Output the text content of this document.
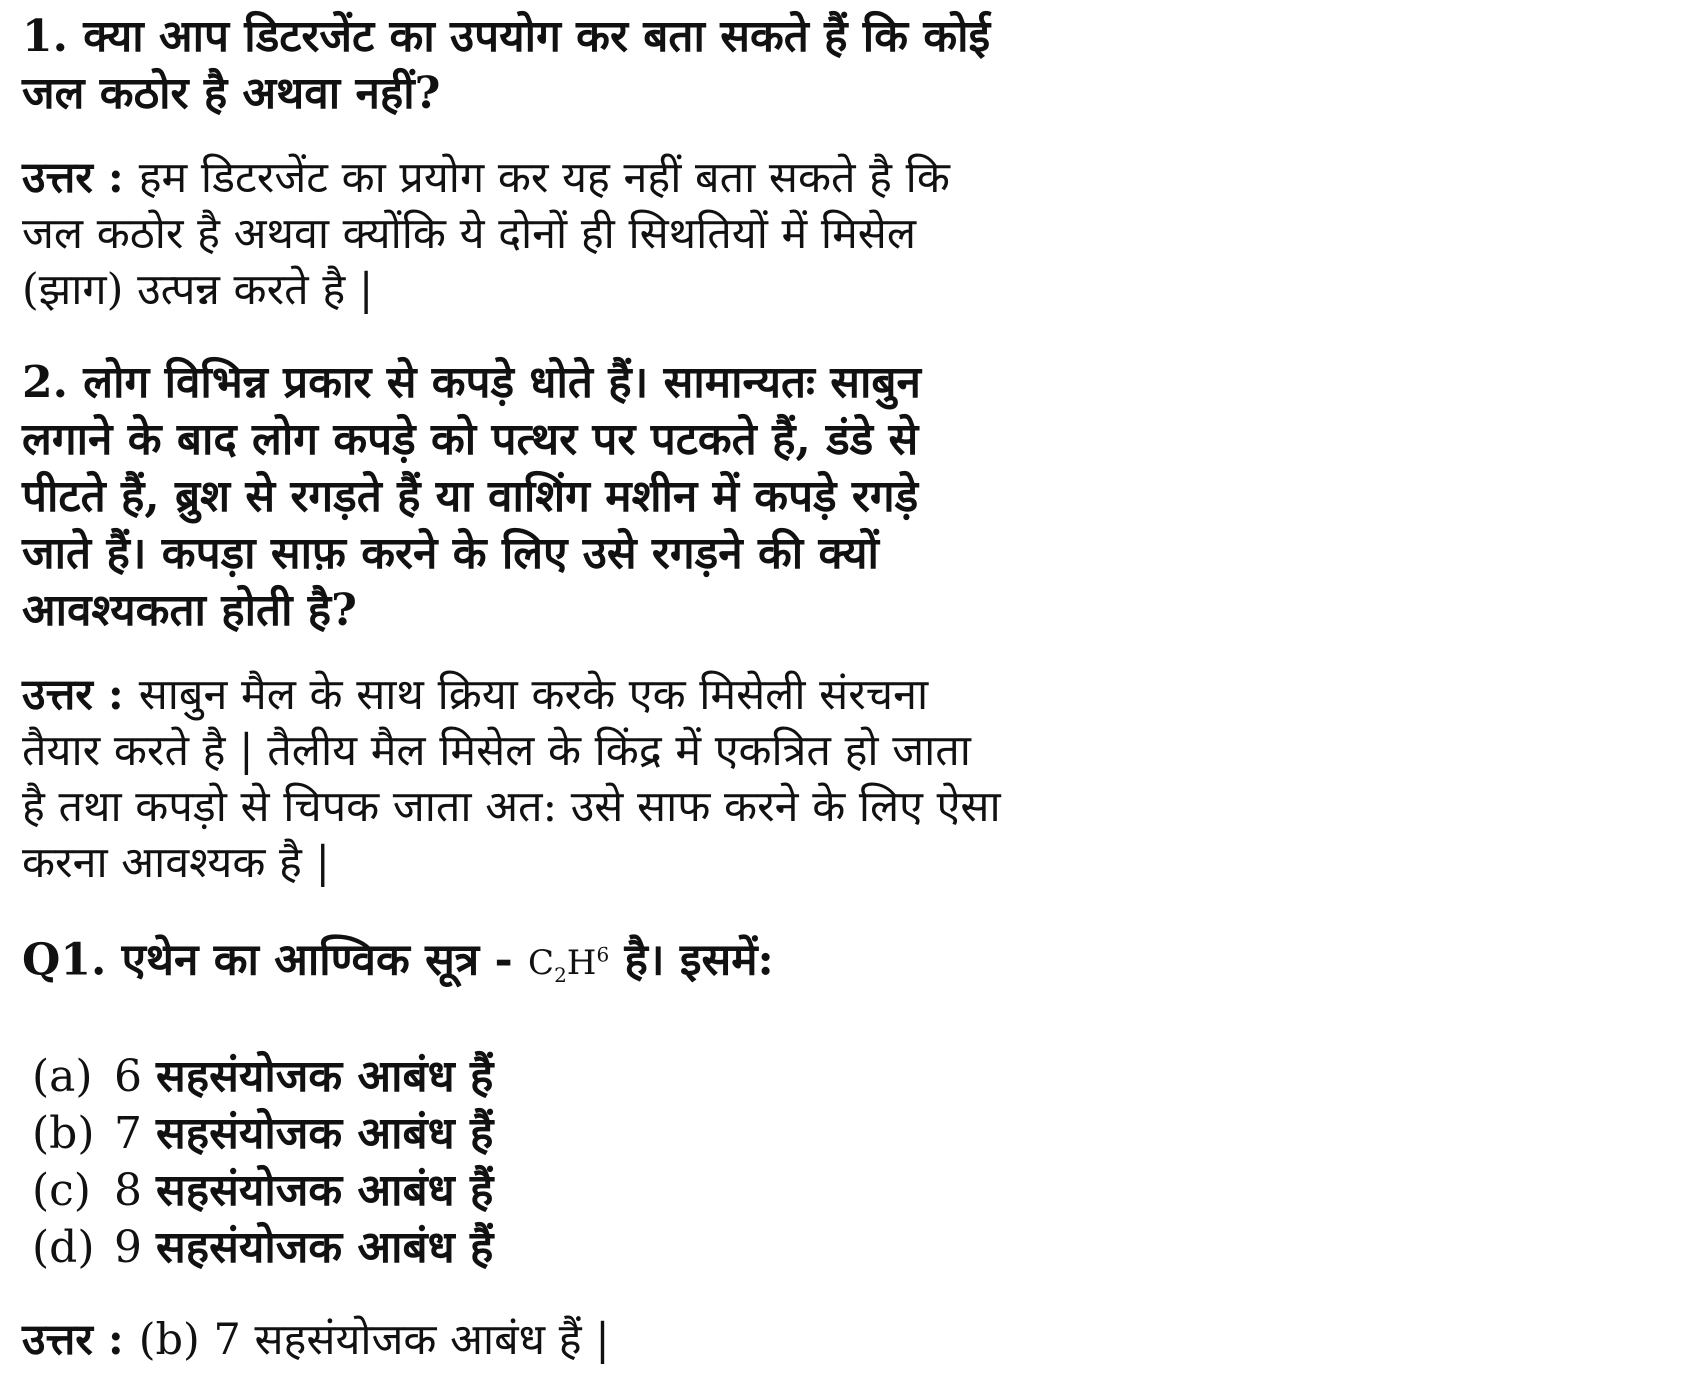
1. क्या आप डिटरजेंट का उपयोग कर बता सकते हैं कि कोई

जल कठोर है अथवा नहीं?

उत्तर : हम डिटरजेंट का प्रयोग कर यह नहीं बता सकते है कि

जल कठोर है अथवा क्योंकि ये दोनों ही सिथतियों में मिसेल

(झाग) उत्पन्न करते है |

2. लोग विभिन्न प्रकार से कपड़े धोते हैं। सामान्यतः साबुन

लगाने के बाद लोग कपड़े को पत्थर पर पटकते हैं, डंडे से

पीटते हैं, ब्रुश से रगड़ते हैं या वाशिंग मशीन में कपड़े रगड़े

जाते हैं। कपड़ा साफ़ करने के लिए उसे रगड़ने की क्यों

आवश्यकता होती है?

उत्तर : साबुन मैल के साथ क्रिया करके एक मिसेली संरचना

तैयार करते है | तैलीय मैल मिसेल के किंद्र में एकत्रित हो जाता

है तथा कपड़ो से चिपक जाता अत: उसे साफ करने के लिए ऐसा

करना आवश्यक है |

Q1. एथेन का आण्विक सूत्र - $C_2H^6$ है। इसमें:

(a) 6 सहसंयोजक आबंध हैं
(b) 7 सहसंयोजक आबंध हैं
(c) 8 सहसंयोजक आबंध हैं
(d) 9 सहसंयोजक आबंध हैं

उत्तर : (b) 7 सहसंयोजक आबंध हैं |
